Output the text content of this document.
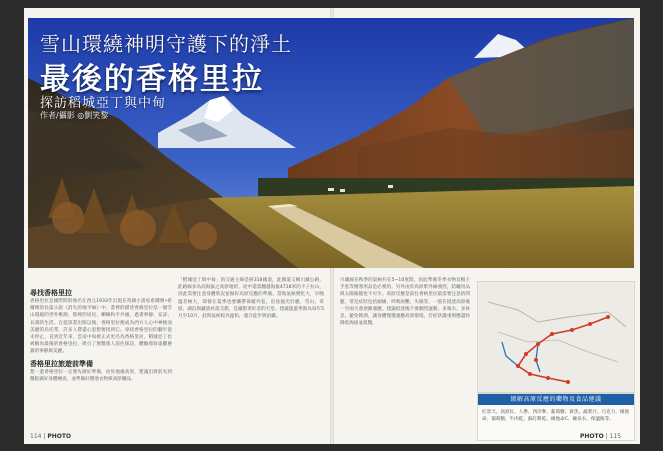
雪山環繞神明守護下的淨土
最後的香格里拉
探訪稻城亞丁與中甸
作者/攝影 ◎劉笑黎

尋找香格里拉

香格里拉是國際間的地名在西元1933年出現在英國小說家希爾頓•希爾頓的長篇小說《消失的地平線》中，書裡的描述香格里拉是一個雪山環繞的世外桃源，那裡的居民、喇嘛和平共處，過著寧靜、安詳、長壽的生活。自從該書出版以後，香格里拉便成為西方人心中神秘而美麗的烏托邦，許多人費盡心思想要找到它。尋找香格里拉的腳步從未停止，直到近年來，雲南中甸被正式更名為香格里拉，稻城亞丁也被稱為最後的香格里拉，吸引了無數旅人前往探訪，體驗那份遠離塵囂的寧靜與美麗。

香格里拉旅遊前準備

想一遊香格里拉一定要先做好準備，由於地處高原，建議出發前先到醫院做好身體檢查，並準備好禦寒衣物與高原藥品。

「稻城亞丁與中甸」的交通主線是經318國道，此國道又稱川藏公路，此路線多為高海拔之高原地形，途中還需翻越海拔4718米的卡子拉山，因此需要注意身體狀況並做好高原反應的準備。當地氣候變化大，早晚溫差極大，即使在夏季也要攜帶保暖外套。沿途風光壯麗，雪山、草原、湖泊與藏族村落交錯，是攝影愛好者的天堂。建議旅遊季節為每年5月至10月，此時氣候較為溫和，適合徒步與拍攝。

川藏線在秋季的氣候約在5~10度間，因此準備冬季衣物及帽子手套等禦寒用品是必要的。另外由於高原紫外線強烈，防曬用品與太陽眼鏡也不可少。高原反應是前往香格里拉最需要注意的問題，常見症狀包括頭痛、呼吸困難、失眠等，一般在抵達高原後一至兩天會逐漸適應。建議抵達後不要劇烈運動，多喝水、多休息，避免飲酒，讓身體慢慢適應高原環境。若症狀嚴重則應盡快降低海拔並就醫。

緩解高原反應的藥物及食品建議
紅景天、高原紅、人參、西洋參、葡萄糖、黃芪、蔬菜汁、巧克力、維他命、葡萄糖、牛肉乾、蘇打餅乾、維他命C、礦泉水、保溫瓶等。
114 | PHOTO	PHOTO | 115
